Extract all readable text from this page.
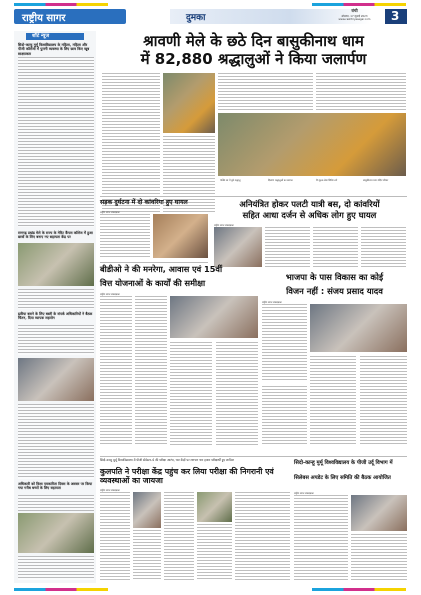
राष्ट्रीय सागर	दुमका
रांची
सोमवार, 17 जुलाई 2023
www.rashtriyasagar.com	3
शॉर्ट न्यूज
सिदो-कान्हू मुर्मू विश्वविद्यालय के महिला, महिला और पीजी कॉलेजों में पुरानी व्यवस्था के लिए छात्र किए खूब साक्षात्कार
रामगढ़ प्रखंड मेले के राज्य के मेरिट कैंपस कॉलेज में हुआ छात्रों के लिए बनाए गए सहायता केंद्र पर
झरिया बसने के लिए बस्ती के संपर्क अधिकारियों ने बैठक चिंतन, दिया व्यापक सहयोग
अधिकारी को विश्व पत्रकारिता दिवस के अवसर पर किया गया गरीब बच्चों के लिए सहायता
श्रावणी मेले के छठे दिन बासुकीनाथ धाम
में 82,880 श्रद्धालुओं ने किया जलार्पण
भक्ति रस में डूबे श्रद्धालु	दिव्यांग श्रद्धालुओं का स्वागत	नि:शुल्क सेवा शिविर लगे	बासुकीनाथ धाम मंदिर परिसर
सड़क दुर्घटना में दो कांवरिया हुए घायल
राष्ट्रीय सागर संवाददाता
अनियंत्रित होकर पलटी यात्री बस, दो कांवरियों
सहित आधा दर्जन से अधिक लोग हुए घायल
राष्ट्रीय सागर संवाददाता
बीडीओ ने की मनरेगा, आवास एवं 15वीं
वित्त योजनाओं के कार्यों की समीक्षा
राष्ट्रीय सागर संवाददाता
भाजपा के पास विकास का कोई
विजन नहीं : संजय प्रसाद यादव
राष्ट्रीय सागर संवाददाता
सिदो-कान्हू मुर्मू विश्वविद्यालय में पीजी सेमेस्टर-4 की परीक्षा आरंभ, चार केंद्रों पर लगभग चार हजार परीक्षार्थी हुए शामिल
कुलपति ने परीक्षा केंद्र पहुंच कर लिया परीक्षा की निगरानी एवं व्यवस्थाओं का जायजा
राष्ट्रीय सागर संवाददाता
सिदो-कान्हू मुर्मू विश्वविद्यालय के पीजी उर्दू विभाग में
सिलेबस अपडेट के लिए समिति की बैठक आयोजित
राष्ट्रीय सागर संवाददाता
